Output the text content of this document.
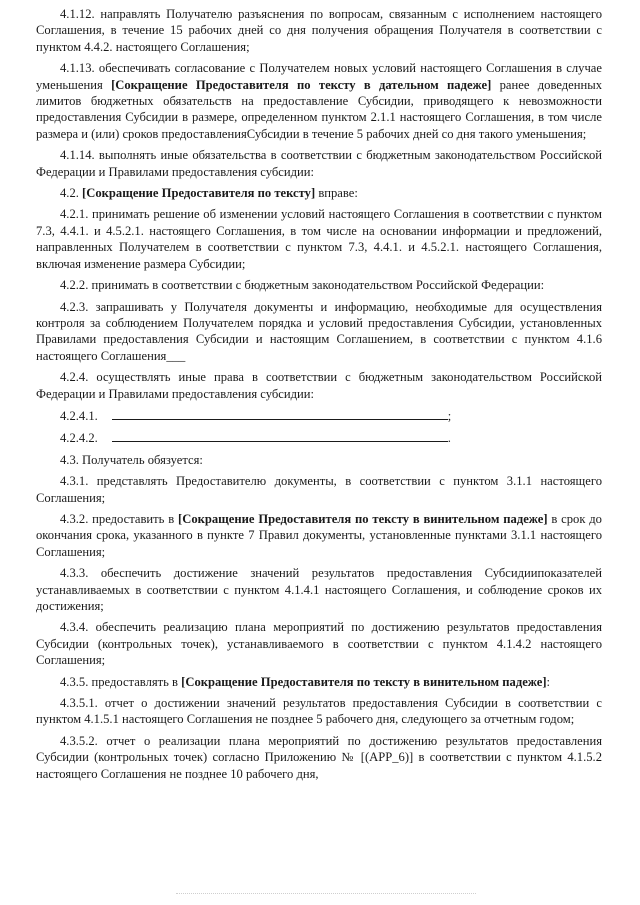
4.1.12. направлять Получателю разъяснения по вопросам, связанным с исполнением настоящего Соглашения, в течение 15 рабочих дней со дня получения обращения Получателя в соответствии с пунктом 4.4.2. настоящего Соглашения;

4.1.13. обеспечивать согласование с Получателем новых условий настоящего Соглашения в случае уменьшения [Сокращение Предоставителя по тексту в дательном падеже] ранее доведенных лимитов бюджетных обязательств на предоставление Субсидии, приводящего к невозможности предоставления Субсидии в размере, определенном пунктом 2.1.1 настоящего Соглашения, в том числе размера и (или) сроков предоставленияСубсидии в течение 5 рабочих дней со дня такого уменьшения;

4.1.14. выполнять иные обязательства в соответствии с бюджетным законодательством Российской Федерации и Правилами предоставления субсидии:

4.2. [Сокращение Предоставителя по тексту] вправе:

4.2.1. принимать решение об изменении условий настоящего Соглашения в соответствии с пунктом 7.3, 4.4.1. и 4.5.2.1. настоящего Соглашения, в том числе на основании информации и предложений, направленных Получателем в соответствии с пунктом 7.3, 4.4.1. и 4.5.2.1. настоящего Соглашения, включая изменение размера Субсидии;

4.2.2. принимать в соответствии с бюджетным законодательством Российской Федерации:

4.2.3. запрашивать у Получателя документы и информацию, необходимые для осуществления контроля за соблюдением Получателем порядка и условий предоставления Субсидии, установленных Правилами предоставления Субсидии и настоящим Соглашением, в соответствии с пунктом 4.1.6 настоящего Соглашения___

4.2.4. осуществлять иные права в соответствии с бюджетным законодательством Российской Федерации и Правилами предоставления субсидии:

4.2.4.1.	;
4.2.4.2.	.

4.3. Получатель обязуется:

4.3.1. представлять Предоставителю документы, в соответствии с пунктом 3.1.1 настоящего Соглашения;

4.3.2. предоставить в [Сокращение Предоставителя по тексту в винительном падеже] в срок до окончания срока, указанного в пункте 7 Правил документы, установленные пунктами 3.1.1 настоящего Соглашения;

4.3.3. обеспечить достижение значений результатов предоставления Субсидиипоказателей устанавливаемых в соответствии с пунктом 4.1.4.1 настоящего Соглашения, и соблюдение сроков их достижения;

4.3.4. обеспечить реализацию плана мероприятий по достижению результатов предоставления Субсидии (контрольных точек), устанавливаемого в соответствии с пунктом 4.1.4.2 настоящего Соглашения;

4.3.5. предоставлять в [Сокращение Предоставителя по тексту в винительном падеже]:

4.3.5.1. отчет о достижении значений результатов предоставления Субсидии в соответствии с пунктом 4.1.5.1 настоящего Соглашения не позднее 5 рабочего дня, следующего за отчетным годом;

4.3.5.2. отчет о реализации плана мероприятий по достижению результатов предоставления Субсидии (контрольных точек) согласно Приложению № [(APP_6)] в соответствии с пунктом 4.1.5.2 настоящего Соглашения не позднее 10 рабочего дня,
